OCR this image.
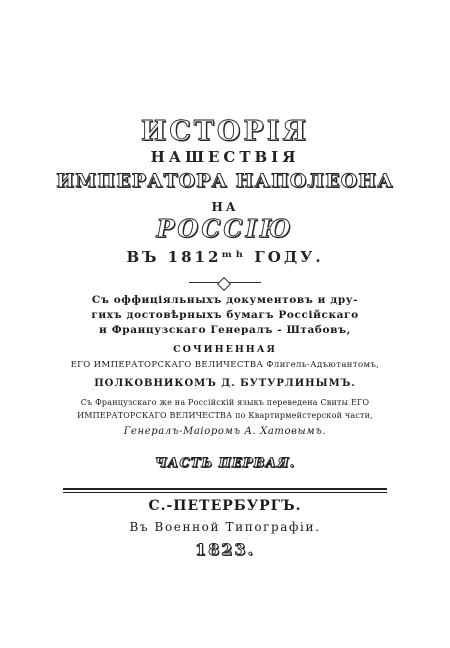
ИСТОРІЯ
НАШЕСТВІЯ
ИМПЕРАТОРА НАПОЛЕОНА
НА
РОССІЮ
ВЪ 1812ᵐʰ ГОДУ.
Съ оффиціяльныхъ документовъ и дру-
гихъ достовѣрныхъ бумагъ Россійскаго
и Французскаго Генералъ - Штабовъ,
СОЧИНЕННАЯ
ЕГО ИМПЕРАТОРСКАГО ВЕЛИЧЕСТВА Флигель-Адъютантомъ,
ПОЛКОВНИКОМЪ Д. БУТУРЛИНЫМЪ.
Съ Французскаго же на Россійскій языкъ переведена Свиты ЕГО
ИМПЕРАТОРСКАГО ВЕЛИЧЕСТВА по Квартирмейстерской части,
Генералъ-Маіоромъ А. Хатовымъ.
ЧАСТЬ ПЕРВАЯ.
С.-ПЕТЕРБУРГЪ.
Въ Военной Типографіи.
1823.
